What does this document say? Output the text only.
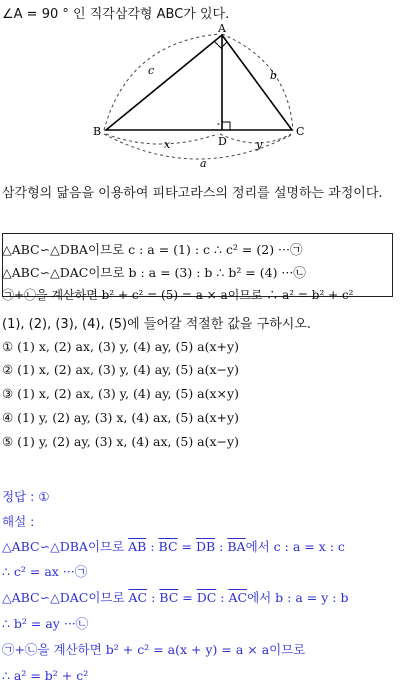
∠A = 90 ° 인 직각삼각형 ABC가 있다.
°
A
B	C
D
c	b
x	y
a
삼각형의 닮음을 이용하여 피타고라스의 정리를 설명하는 과정이다.
△ABC∽△DBA이므로 c : a = (1) : c ∴ c² = (2) ···㉠
△ABC∽△DAC이므로 b : a = (3) : b ∴ b² = (4) ···㉡
㉠+㉡을 계산하면 b² + c² = (5) = a × a이므로 ∴ a² = b² + c²
(1), (2), (3), (4), (5)에 들어갈 적절한 값을 구하시오.
① (1) x, (2) ax, (3) y, (4) ay, (5) a(x+y)
② (1) x, (2) ax, (3) y, (4) ay, (5) a(x−y)
③ (1) x, (2) ax, (3) y, (4) ay, (5) a(x×y)
④ (1) y, (2) ay, (3) x, (4) ax, (5) a(x+y)
⑤ (1) y, (2) ay, (3) x, (4) ax, (5) a(x−y)
정답 : ①
해설 :
△ABC∽△DBA이므로 $\overline{AB}$ : $\overline{BC} = \overline{DB}$ : $\overline{BA}$에서 c : a = x : c
∴ c² = ax ···㉠
△ABC∽△DAC이므로 $\overline{AC}$ : $\overline{BC} = \overline{DC}$ : $\overline{AC}$에서 b : a = y : b
∴ b² = ay ···㉡
㉠+㉡을 계산하면 b² + c² = a(x + y) = a × a이므로
∴ a² = b² + c²
